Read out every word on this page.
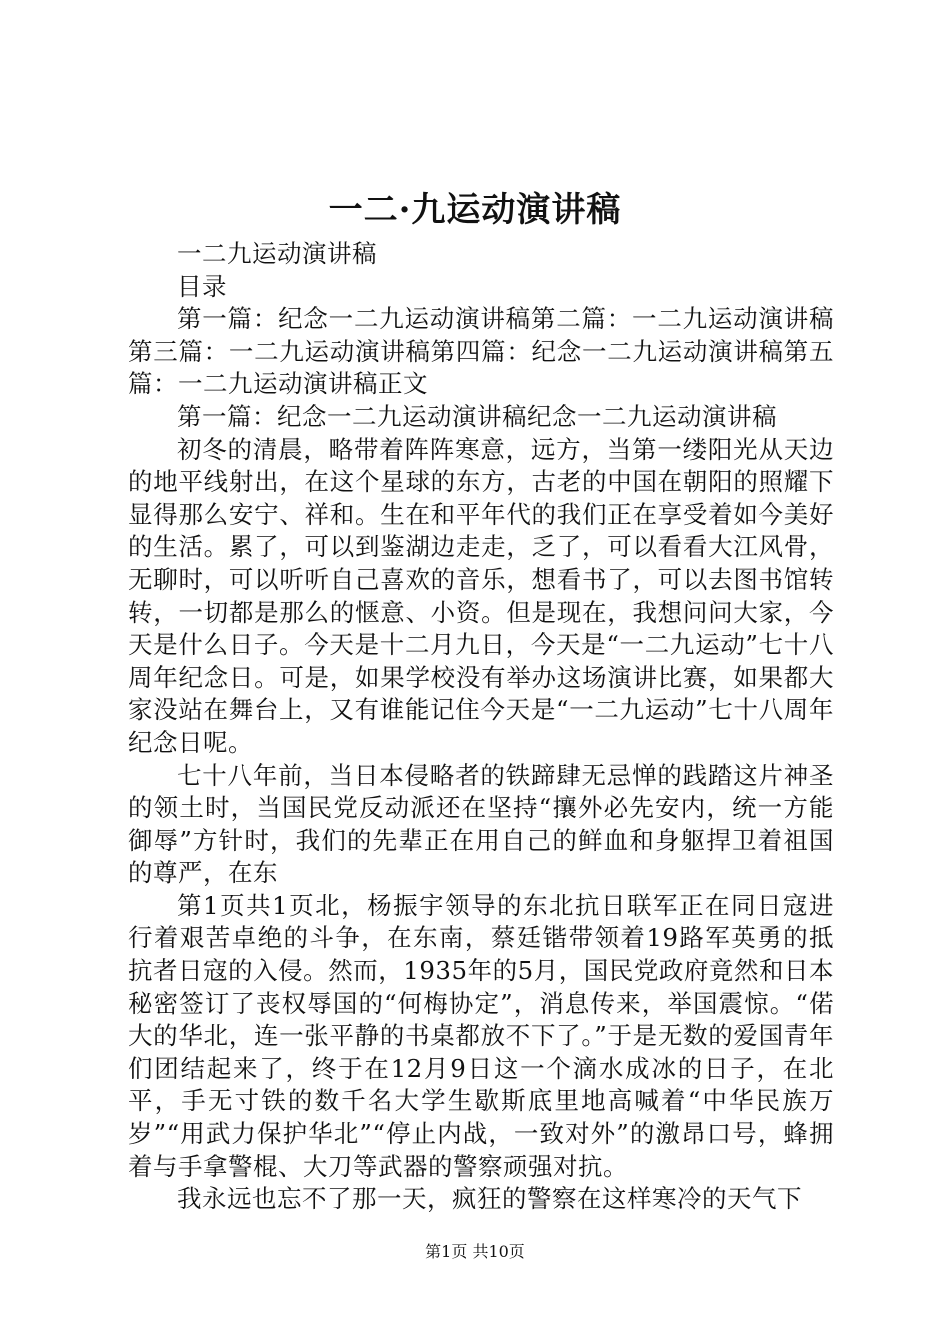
一二·九运动演讲稿

一二九运动演讲稿

目录

第一篇：纪念一二九运动演讲稿第二篇：一二九运动演讲稿第三篇：一二九运动演讲稿第四篇：纪念一二九运动演讲稿第五篇：一二九运动演讲稿正文

第一篇：纪念一二九运动演讲稿纪念一二九运动演讲稿

初冬的清晨，略带着阵阵寒意，远方，当第一缕阳光从天边的地平线射出，在这个星球的东方，古老的中国在朝阳的照耀下显得那么安宁、祥和。生在和平年代的我们正在享受着如今美好的生活。累了，可以到鉴湖边走走，乏了，可以看看大江风骨，无聊时，可以听听自己喜欢的音乐，想看书了，可以去图书馆转转，一切都是那么的惬意、小资。但是现在，我想问问大家，今天是什么日子。今天是十二月九日，今天是“一二九运动”七十八周年纪念日。可是，如果学校没有举办这场演讲比赛，如果都大家没站在舞台上，又有谁能记住今天是“一二九运动”七十八周年纪念日呢。

七十八年前，当日本侵略者的铁蹄肆无忌惮的践踏这片神圣的领土时，当国民党反动派还在坚持“攘外必先安内，统一方能御辱”方针时，我们的先辈正在用自己的鲜血和身躯捍卫着祖国的尊严，在东

第1页共1页北，杨振宇领导的东北抗日联军正在同日寇进行着艰苦卓绝的斗争，在东南，蔡廷锴带领着19路军英勇的抵抗者日寇的入侵。然而，1935年的5月，国民党政府竟然和日本秘密签订了丧权辱国的“何梅协定”，消息传来，举国震惊。“偌大的华北，连一张平静的书桌都放不下了。”于是无数的爱国青年们团结起来了，终于在12月9日这一个滴水成冰的日子，在北平，手无寸铁的数千名大学生歇斯底里地高喊着“中华民族万岁”“用武力保护华北”“停止内战，一致对外”的激昂口号，蜂拥着与手拿警棍、大刀等武器的警察顽强对抗。

我永远也忘不了那一天，疯狂的警察在这样寒冷的天气下

第1页 共10页
